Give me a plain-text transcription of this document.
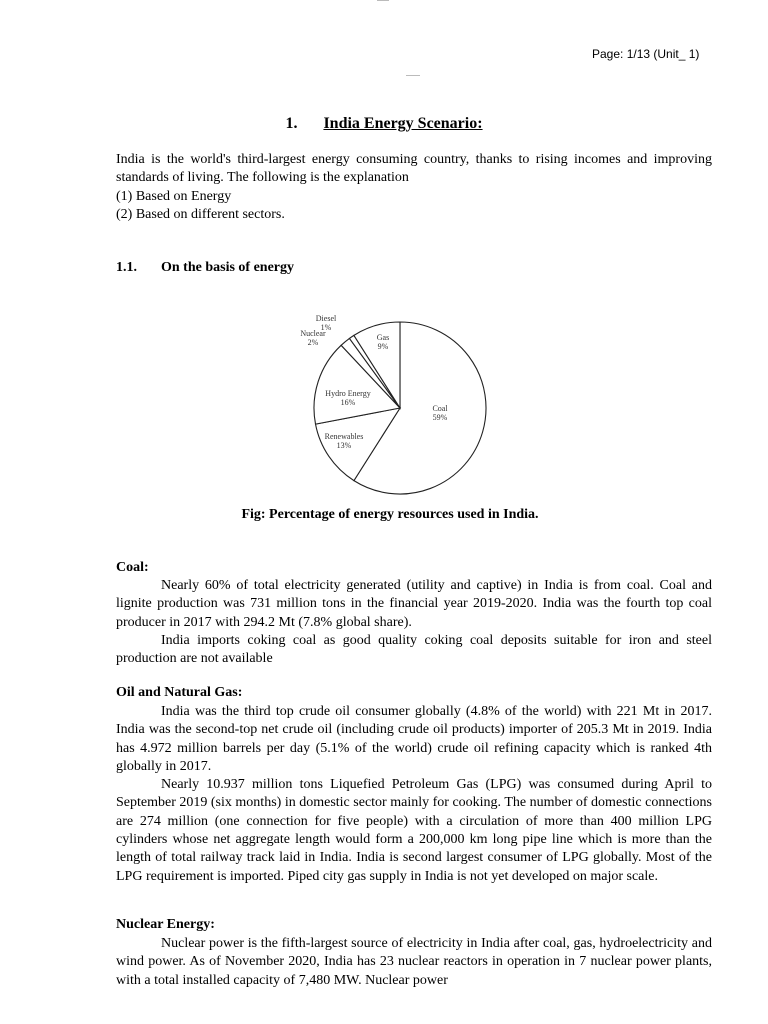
Page: 1/13 (Unit_ 1)

1. India Energy Scenario:

India is the world's third-largest energy consuming country, thanks to rising incomes and improving standards of living. The following is the explanation

(1) Based on Energy

(2) Based on different sectors.

1.1. On the basis of energy
Coal
59%
Renewables
13%
Hydro Energy
16%
Nuclear
2%
Diesel
1%
Gas
9%

Fig: Percentage of energy resources used in India.

Coal:

Nearly 60% of total electricity generated (utility and captive) in India is from coal. Coal and lignite production was 731 million tons in the financial year 2019-2020. India was the fourth top coal producer in 2017 with 294.2 Mt (7.8% global share).

India imports coking coal as good quality coking coal deposits suitable for iron and steel production are not available

Oil and Natural Gas:

India was the third top crude oil consumer globally (4.8% of the world) with 221 Mt in 2017. India was the second-top net crude oil (including crude oil products) importer of 205.3 Mt in 2019. India has 4.972 million barrels per day (5.1% of the world) crude oil refining capacity which is ranked 4th globally in 2017.

Nearly 10.937 million tons Liquefied Petroleum Gas (LPG) was consumed during April to September 2019 (six months) in domestic sector mainly for cooking. The number of domestic connections are 274 million (one connection for five people) with a circulation of more than 400 million LPG cylinders whose net aggregate length would form a 200,000 km long pipe line which is more than the length of total railway track laid in India. India is second largest consumer of LPG globally. Most of the LPG requirement is imported. Piped city gas supply in India is not yet developed on major scale.

Nuclear Energy:

Nuclear power is the fifth-largest source of electricity in India after coal, gas, hydroelectricity and wind power. As of November 2020, India has 23 nuclear reactors in operation in 7 nuclear power plants, with a total installed capacity of 7,480 MW. Nuclear power
